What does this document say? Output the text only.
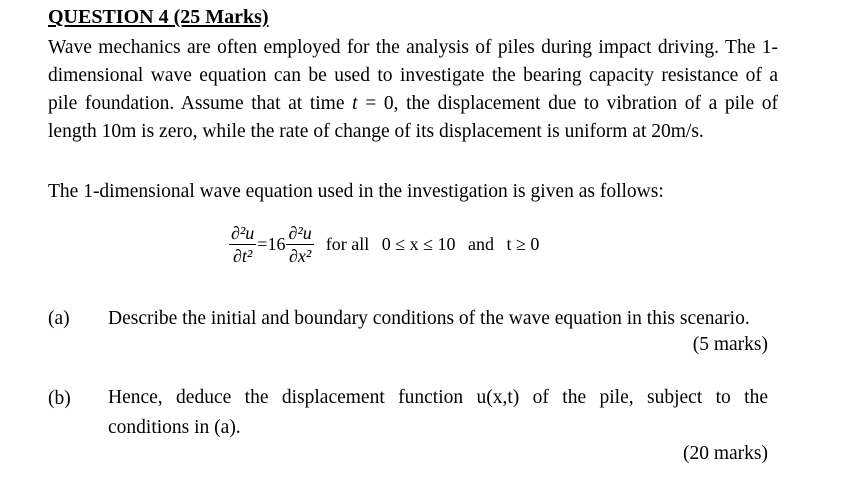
QUESTION 4 (25 Marks)

Wave mechanics are often employed for the analysis of piles during impact driving. The 1-dimensional wave equation can be used to investigate the bearing capacity resistance of a pile foundation. Assume that at time t = 0, the displacement due to vibration of a pile of length 10m is zero, while the rate of change of its displacement is uniform at 20m/s.

The 1-dimensional wave equation used in the investigation is given as follows:
$\frac{\text{∂²u}}{\text{∂t²}} =16 \frac{\text{∂²u}}{\text{∂x²}}$ for all 0 ≤ x ≤ 10 and t ≥ 0
(a) Describe the initial and boundary conditions of the wave equation in this scenario.

(5 marks)
(b) Hence, deduce the displacement function u(x,t) of the pile, subject to the
conditions in (a).
(20 marks)
